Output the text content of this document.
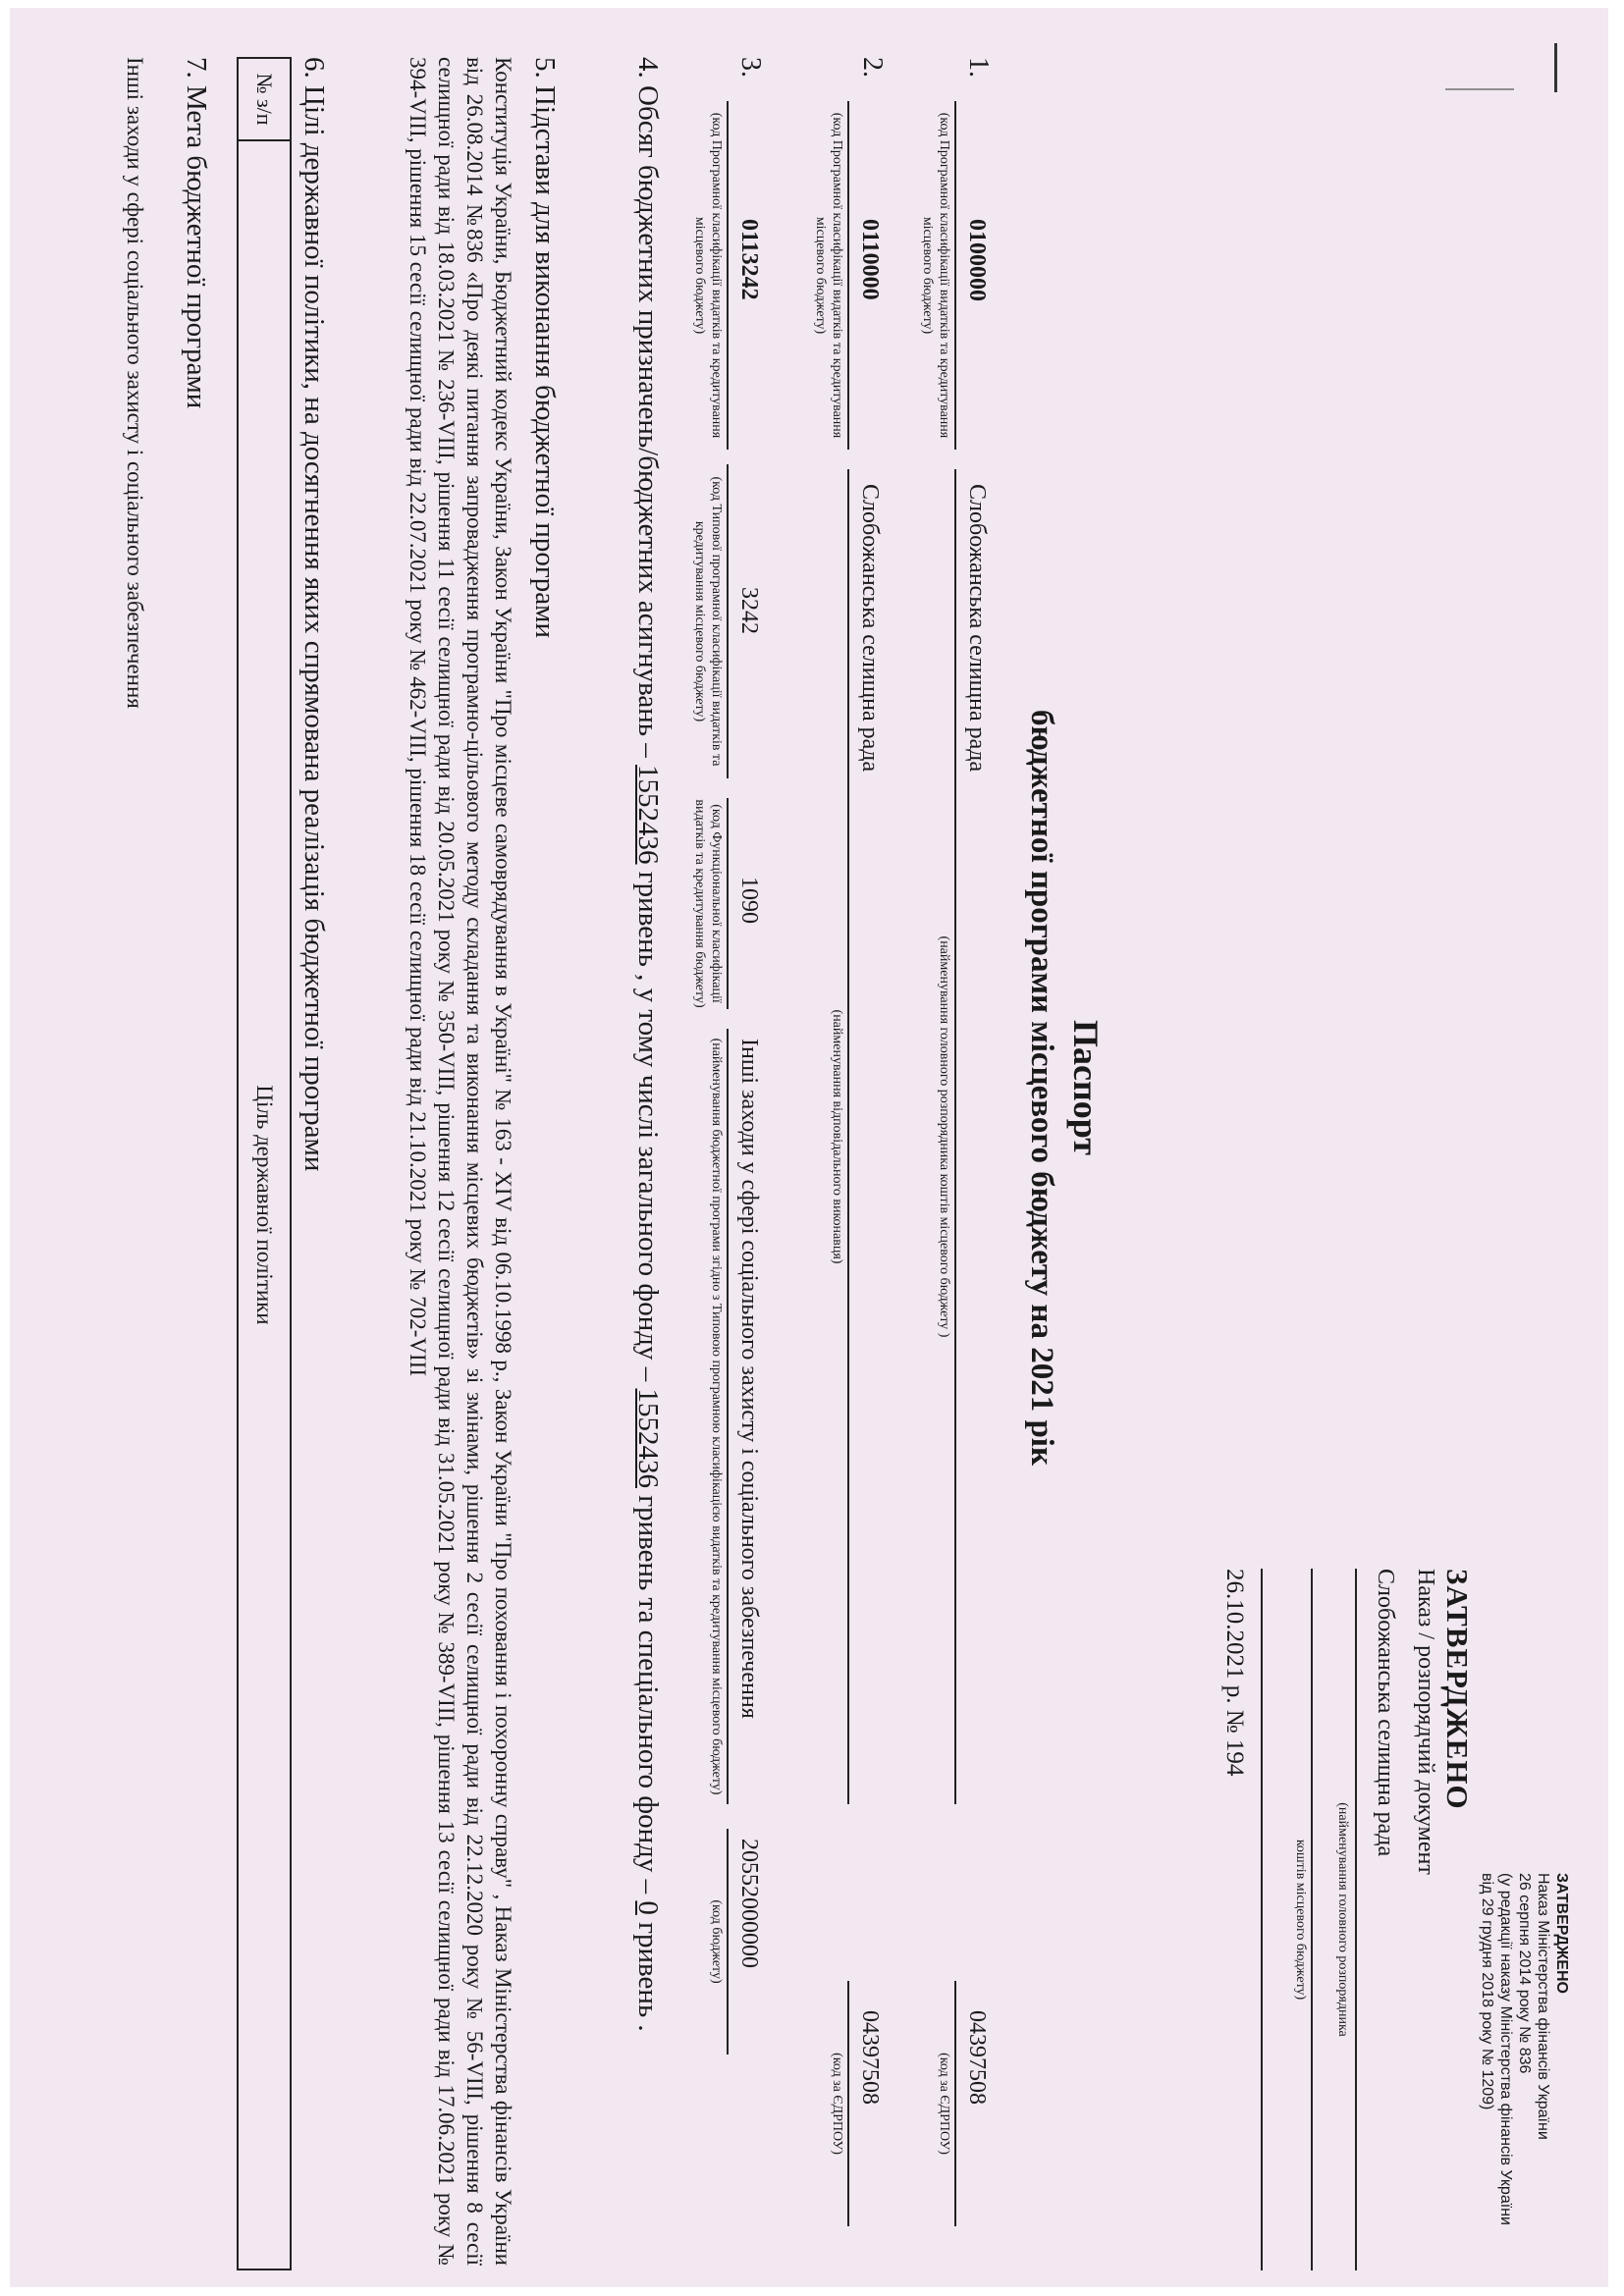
ЗАТВЕРДЖЕНО
Наказ Міністерства фінансів України
26 серпня 2014 року № 836
(у редакції наказу Міністерства фінансів України
від 29 грудня 2018 року № 1209)
ЗАТВЕРДЖЕНО
Наказ / розпорядчий документ
Слобожанська селищна рада
(найменування головного розпорядника
коштів місцевого бюджету)
26.10.2021 р. № 194
Паспорт
бюджетної програми місцевого бюджету на 2021 рік
1.
0100000
(код Програмної класифікації видатків та кредитування місцевого бюджету)
Слобожанська селищна рада
(найменування головного розпорядника коштів місцевого бюджету )
04397508
(код за ЄДРПОУ)
2.
0110000
(код Програмної класифікації видатків та кредитування місцевого бюджету)
Слобожанська селищна рада
(найменування відповідального виконавця)
04397508
(код за ЄДРПОУ)
3.
0113242
(код Програмної класифікації видатків та кредитування місцевого бюджету)
3242
(код Типової програмної класифікації видатків та кредитування місцевого бюджету)
1090
(код Функціональної класифікації видатків та кредитування бюджету)
Інші заходи у сфері соціального захисту і соціального забезпечення
(найменування бюджетної програми згідно з Типовою програмною класифікацією видатків та кредитування місцевого бюджету)
20552000000
(код бюджету)
4. Обсяг бюджетних призначень/бюджетних асигнувань – 1552436 гривень , у тому числі загального фонду – 1552436 гривень та спеціального фонду – 0 гривень .
5. Підстави для виконання бюджетної програми
Конституція України, Бюджетний кодекс України, Закон України "Про місцеве самоврядування в Україні" № 163 - XIV від 06.10.1998 р., Закон України "Про поховання і похоронну справу" , Наказ Міністерства фінансів України від 26.08.2014 №836 «Про деякі питання запровадження програмно-цільового методу складання та виконання місцевих бюджетів» зі змінами, рішення 2 сесії селищної ради від 22.12.2020 року № 56-VIII, рішення 8 сесії селищної ради від 18.03.2021 № 236-VIII, рішення 11 сесії селищної ради від 20.05.2021 року № 350-VIII, рішення 12 сесії селищної ради від 31.05.2021 року № 389-VIII, рішення 13 сесії селищної ради від 17.06.2021 року № 394-VIII, рішення 15 сесії селищної ради від 22.07.2021 року № 462-VIII, рішення 18 сесії селищної ради від 21.10.2021 року № 702-VIII
6. Цілі державної політики, на досягнення яких спрямована реалізація бюджетної програми
№ з/п	Ціль державної політики
7. Мета бюджетної програми
Інші заходи у сфері соціального захисту і соціального забезпечення
